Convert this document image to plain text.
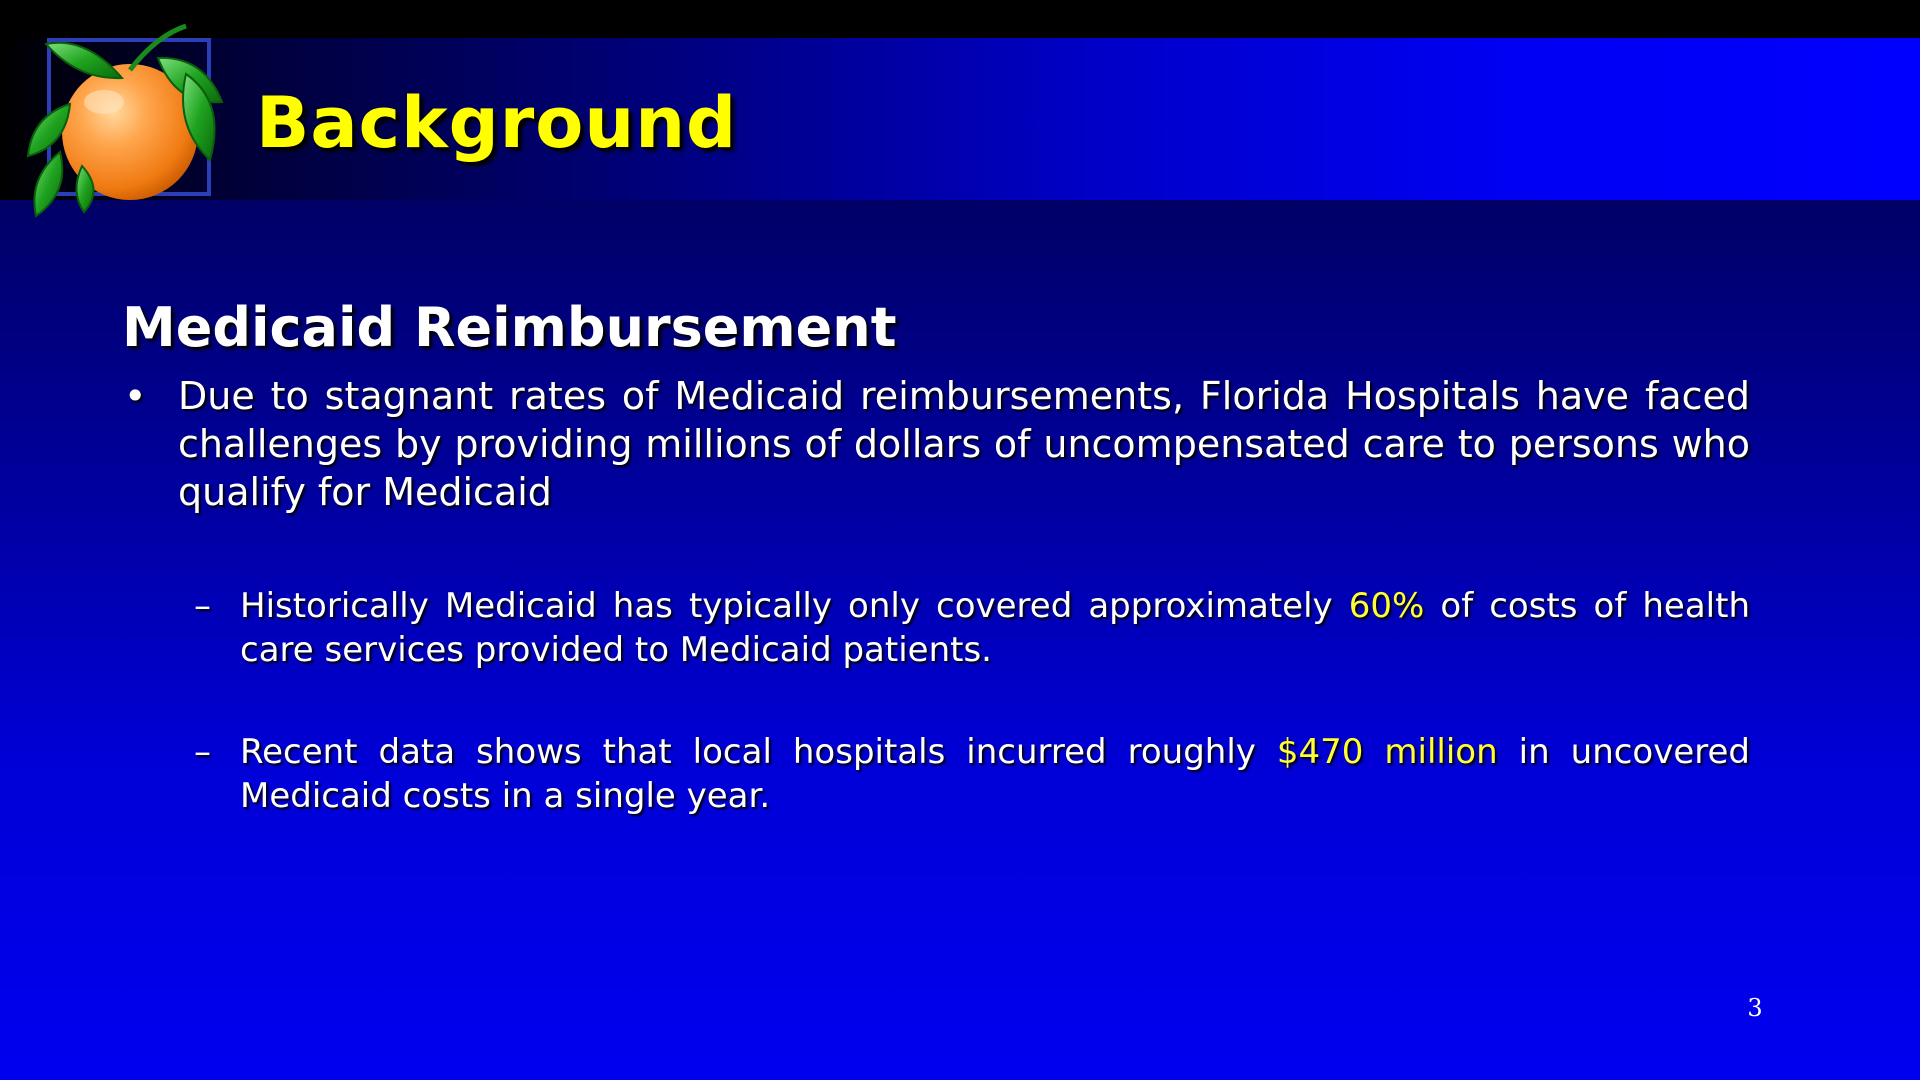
Background
Medicaid Reimbursement
• Due to stagnant rates of Medicaid reimbursements, Florida Hospitals have faced challenges by providing millions of dollars of uncompensated care to persons who qualify for Medicaid
– Historically Medicaid has typically only covered approximately 60% of costs of health care services provided to Medicaid patients.
– Recent data shows that local hospitals incurred roughly $470 million in uncovered Medicaid costs in a single year.
3
